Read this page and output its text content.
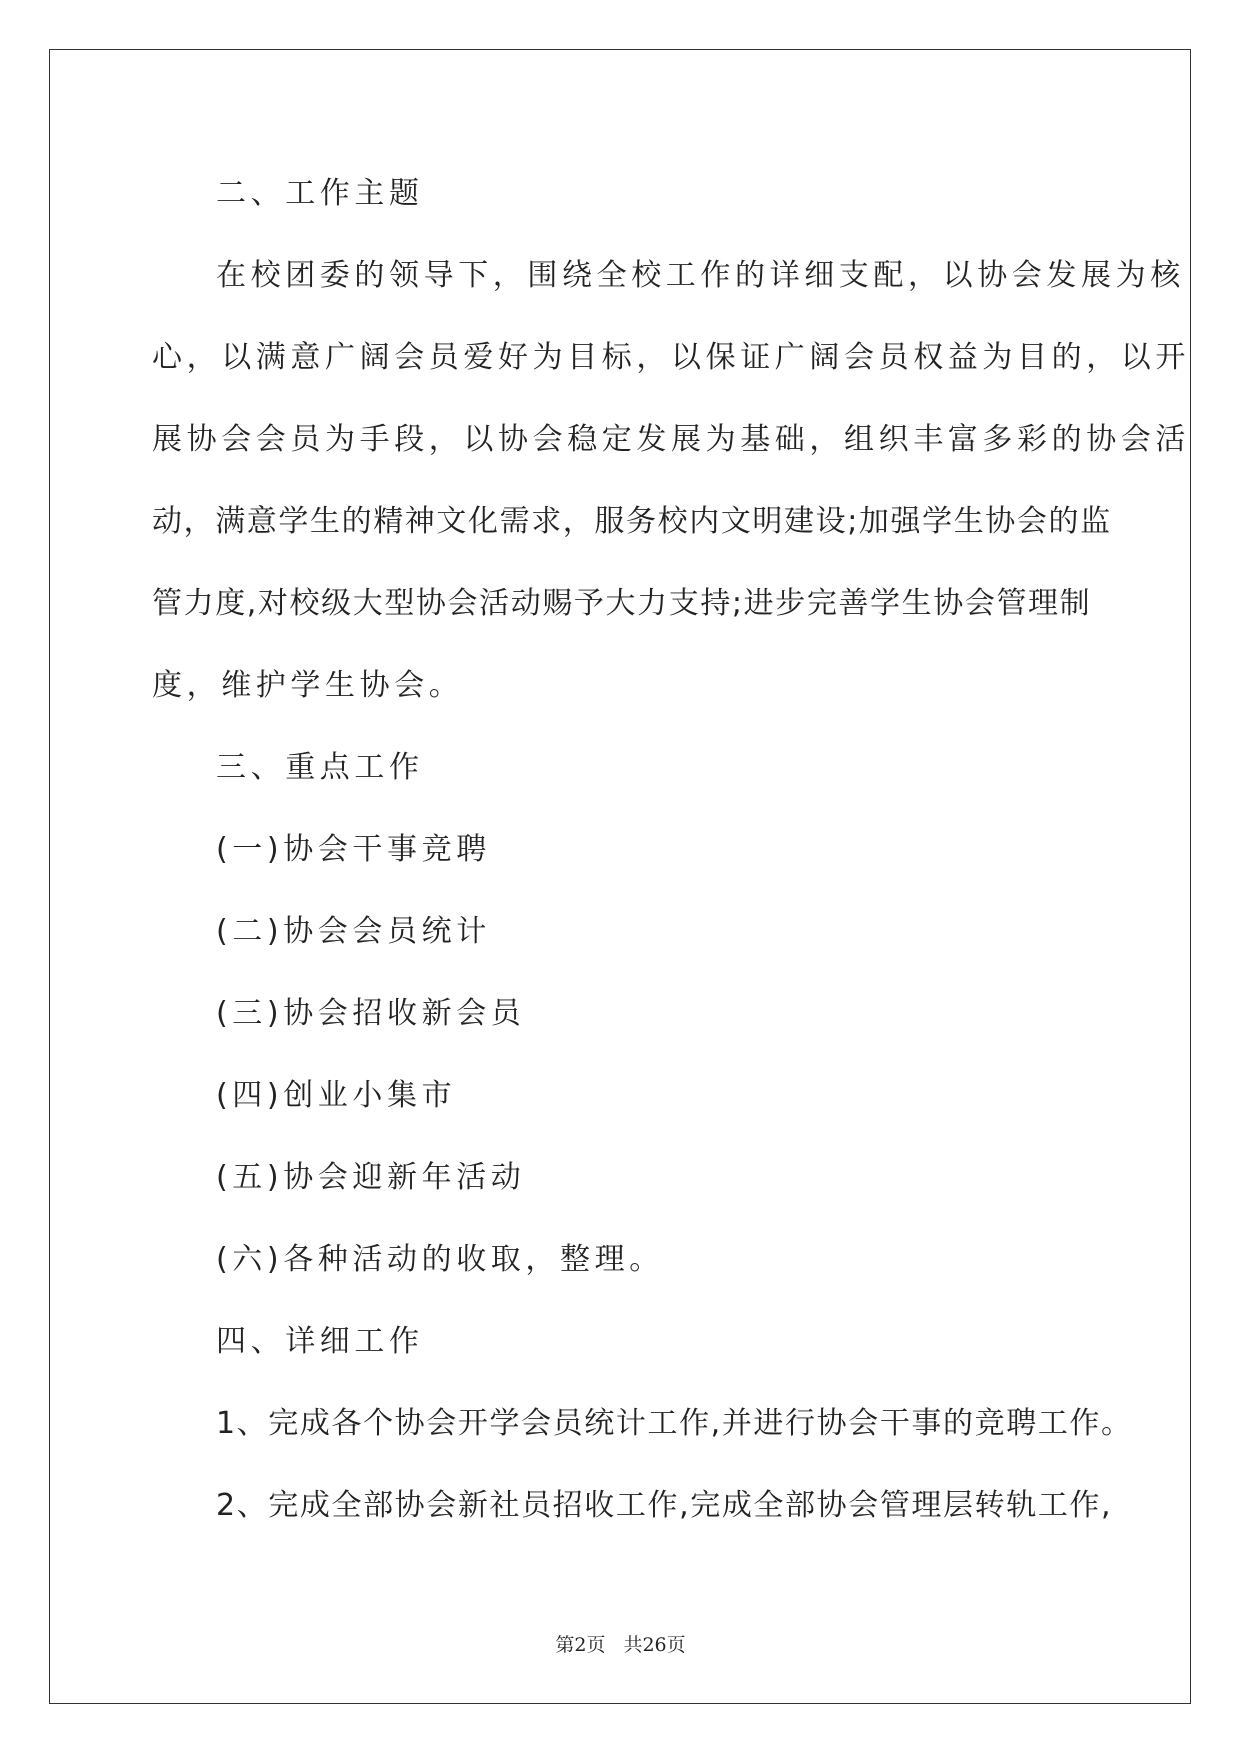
二、工作主题
在校团委的领导下，围绕全校工作的详细支配，以协会发展为核
心，以满意广阔会员爱好为目标，以保证广阔会员权益为目的，以开
展协会会员为手段，以协会稳定发展为基础，组织丰富多彩的协会活
动，满意学生的精神文化需求，服务校内文明建设;加强学生协会的监
管力度,对校级大型协会活动赐予大力支持;进步完善学生协会管理制
度，维护学生协会。
三、重点工作
(一)协会干事竞聘
(二)协会会员统计
(三)协会招收新会员
(四)创业小集市
(五)协会迎新年活动
(六)各种活动的收取，整理。
四、详细工作
1、完成各个协会开学会员统计工作,并进行协会干事的竞聘工作。
2、完成全部协会新社员招收工作,完成全部协会管理层转轨工作,
第2页 共26页
